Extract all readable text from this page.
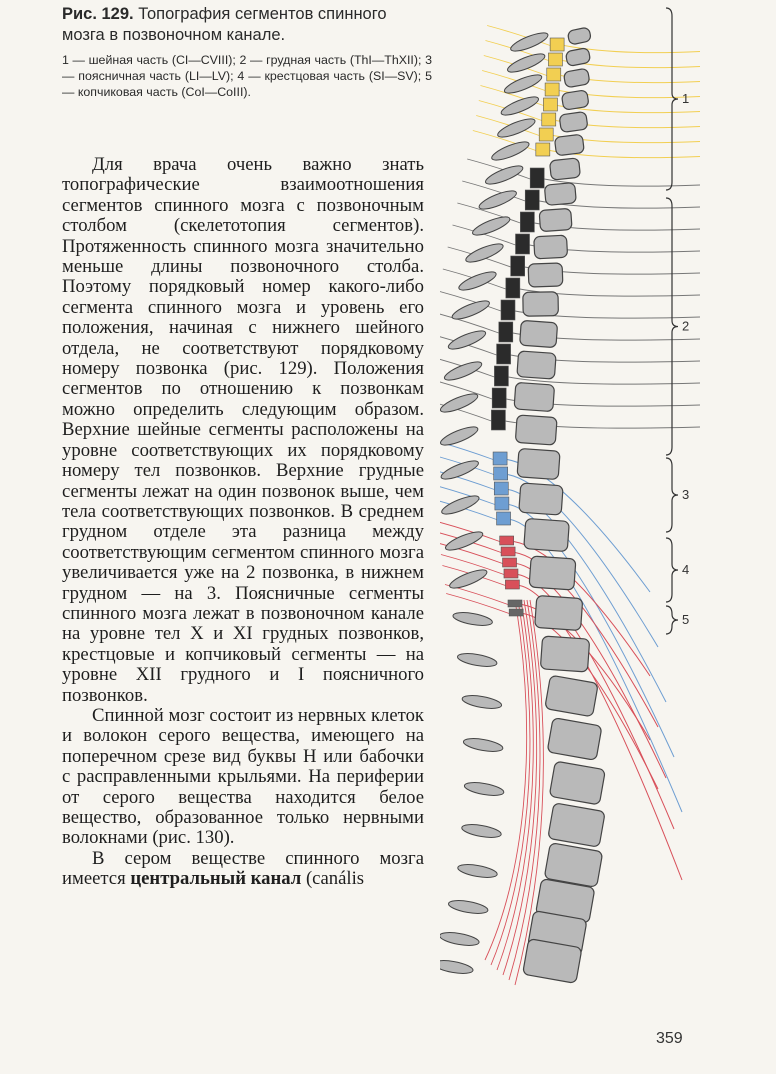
Рис. 129. Топография сегментов спинного мозга в позвоночном канале.

1 — шейная часть (CI—CVIII); 2 — грудная часть (ThI—ThXII); 3 — поясничная часть (LI—LV); 4 — крестцовая часть (SI—SV); 5 — копчиковая часть (CoI—CoIII).

Для врача очень важно знать топографические взаимоотношения сегментов спинного мозга с позвоночным столбом (скелетотопия сегментов). Протяженность спинного мозга значительно меньше длины позвоночного столба. Поэтому порядковый номер какого-либо сегмента спинного мозга и уровень его положения, начиная с нижнего шейного отдела, не соответствуют порядковому номеру позвонка (рис. 129). Положения сегментов по отношению к позвонкам можно определить следующим образом. Верхние шейные сегменты расположены на уровне соответствующих их порядковому номеру тел позвонков. Верхние грудные сегменты лежат на один позвонок выше, чем тела соответствующих позвонков. В среднем грудном отделе эта разница между соответствующим сегментом спинного мозга увеличивается уже на 2 позвонка, в нижнем грудном — на 3. Поясничные сегменты спинного мозга лежат в позвоночном канале на уровне тел X и XI грудных позвонков, крестцовые и копчиковый сегменты — на уровне XII грудного и I поясничного позвонков.

Спинной мозг состоит из нервных клеток и волокон серого вещества, имеющего на поперечном срезе вид буквы Н или бабочки с расправленными крыльями. На периферии от серого вещества находится белое вещество, образованное только нервными волокнами (рис. 130).

В сером веществе спинного мозга имеется центральный канал (canális

1
2
3
4
5
359
